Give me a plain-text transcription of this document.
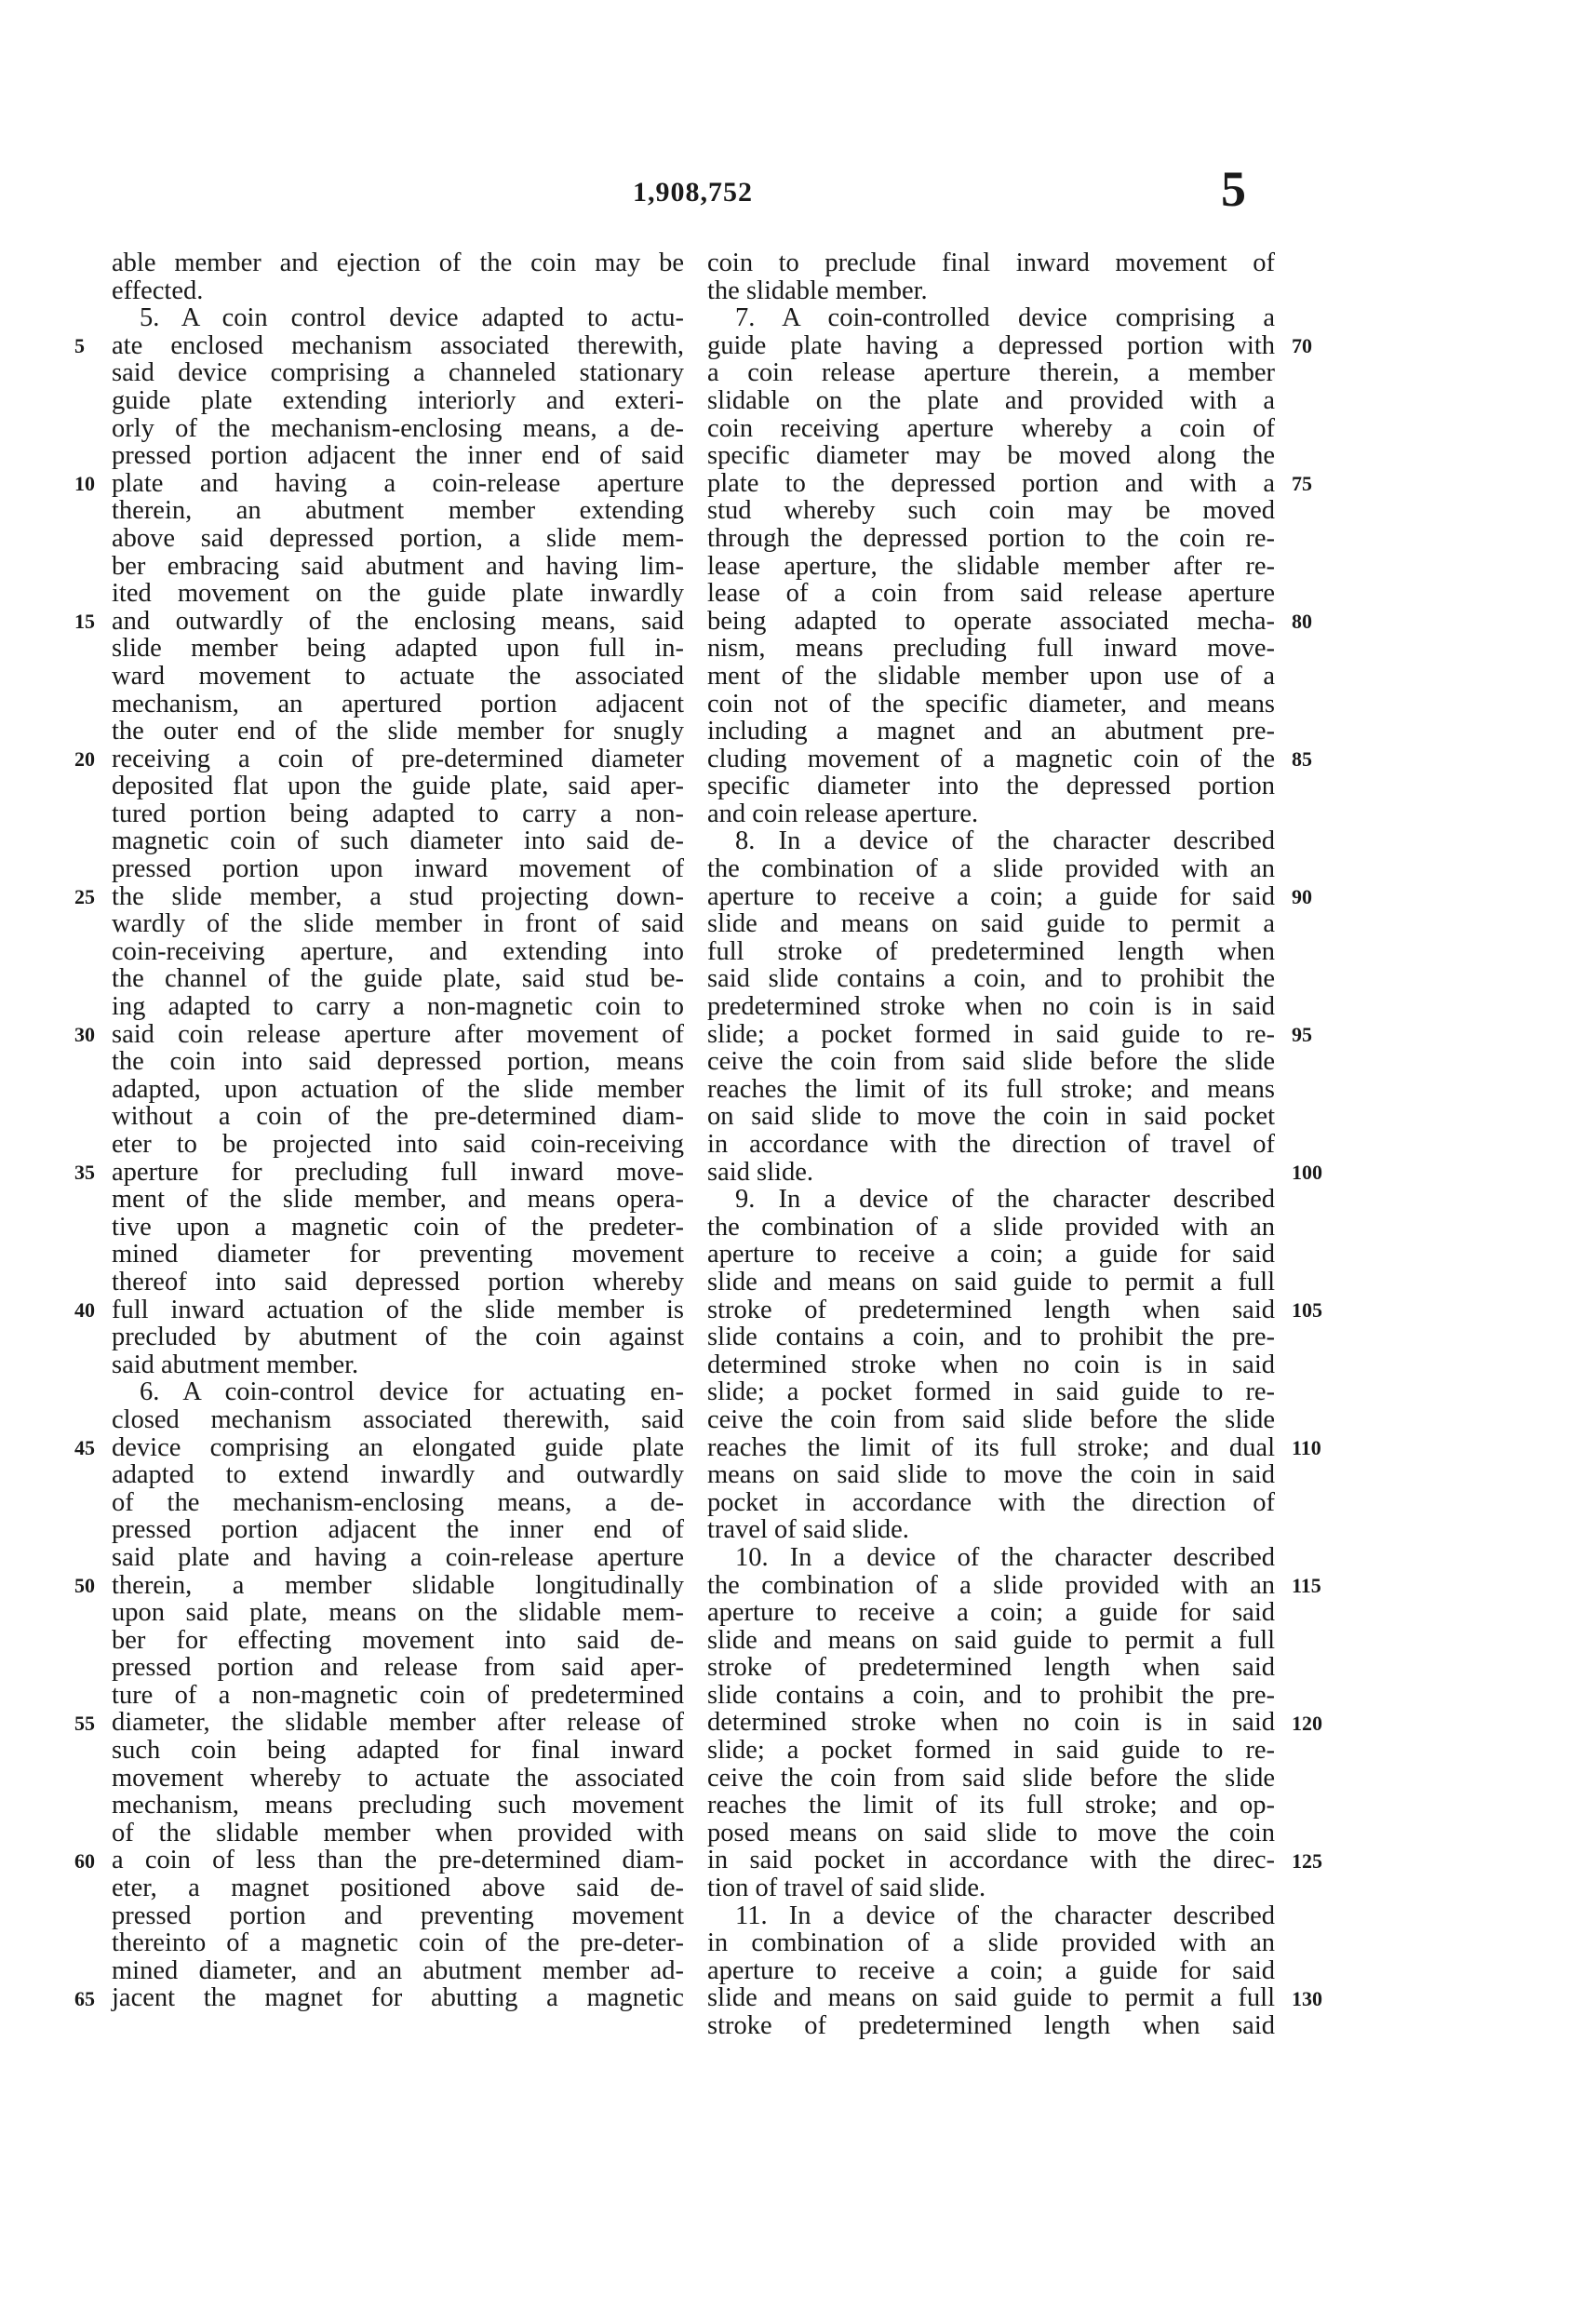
1,908,752	5
able member and ejection of the coin may be
effected.
5. A coin control device adapted to actu-
ate enclosed mechanism associated therewith,
said device comprising a channeled stationary
guide plate extending interiorly and exteri-
orly of the mechanism-enclosing means, a de-
pressed portion adjacent the inner end of said
plate and having a coin-release aperture
therein, an abutment member extending
above said depressed portion, a slide mem-
ber embracing said abutment and having lim-
ited movement on the guide plate inwardly
and outwardly of the enclosing means, said
slide member being adapted upon full in-
ward movement to actuate the associated
mechanism, an apertured portion adjacent
the outer end of the slide member for snugly
receiving a coin of pre-determined diameter
deposited flat upon the guide plate, said aper-
tured portion being adapted to carry a non-
magnetic coin of such diameter into said de-
pressed portion upon inward movement of
the slide member, a stud projecting down-
wardly of the slide member in front of said
coin-receiving aperture, and extending into
the channel of the guide plate, said stud be-
ing adapted to carry a non-magnetic coin to
said coin release aperture after movement of
the coin into said depressed portion, means
adapted, upon actuation of the slide member
without a coin of the pre-determined diam-
eter to be projected into said coin-receiving
aperture for precluding full inward move-
ment of the slide member, and means opera-
tive upon a magnetic coin of the predeter-
mined diameter for preventing movement
thereof into said depressed portion whereby
full inward actuation of the slide member is
precluded by abutment of the coin against
said abutment member.
6. A coin-control device for actuating en-
closed mechanism associated therewith, said
device comprising an elongated guide plate
adapted to extend inwardly and outwardly
of the mechanism-enclosing means, a de-
pressed portion adjacent the inner end of
said plate and having a coin-release aperture
therein, a member slidable longitudinally
upon said plate, means on the slidable mem-
ber for effecting movement into said de-
pressed portion and release from said aper-
ture of a non-magnetic coin of predetermined
diameter, the slidable member after release of
such coin being adapted for final inward
movement whereby to actuate the associated
mechanism, means precluding such movement
of the slidable member when provided with
a coin of less than the pre-determined diam-
eter, a magnet positioned above said de-
pressed portion and preventing movement
thereinto of a magnetic coin of the pre-deter-
mined diameter, and an abutment member ad-
jacent the magnet for abutting a magnetic
coin to preclude final inward movement of
the slidable member.
7. A coin-controlled device comprising a
guide plate having a depressed portion with
a coin release aperture therein, a member
slidable on the plate and provided with a
coin receiving aperture whereby a coin of
specific diameter may be moved along the
plate to the depressed portion and with a
stud whereby such coin may be moved
through the depressed portion to the coin re-
lease aperture, the slidable member after re-
lease of a coin from said release aperture
being adapted to operate associated mecha-
nism, means precluding full inward move-
ment of the slidable member upon use of a
coin not of the specific diameter, and means
including a magnet and an abutment pre-
cluding movement of a magnetic coin of the
specific diameter into the depressed portion
and coin release aperture.
8. In a device of the character described
the combination of a slide provided with an
aperture to receive a coin; a guide for said
slide and means on said guide to permit a
full stroke of predetermined length when
said slide contains a coin, and to prohibit the
predetermined stroke when no coin is in said
slide; a pocket formed in said guide to re-
ceive the coin from said slide before the slide
reaches the limit of its full stroke; and means
on said slide to move the coin in said pocket
in accordance with the direction of travel of
said slide.
9. In a device of the character described
the combination of a slide provided with an
aperture to receive a coin; a guide for said
slide and means on said guide to permit a full
stroke of predetermined length when said
slide contains a coin, and to prohibit the pre-
determined stroke when no coin is in said
slide; a pocket formed in said guide to re-
ceive the coin from said slide before the slide
reaches the limit of its full stroke; and dual
means on said slide to move the coin in said
pocket in accordance with the direction of
travel of said slide.
10. In a device of the character described
the combination of a slide provided with an
aperture to receive a coin; a guide for said
slide and means on said guide to permit a full
stroke of predetermined length when said
slide contains a coin, and to prohibit the pre-
determined stroke when no coin is in said
slide; a pocket formed in said guide to re-
ceive the coin from said slide before the slide
reaches the limit of its full stroke; and op-
posed means on said slide to move the coin
in said pocket in accordance with the direc-
tion of travel of said slide.
11. In a device of the character described
in combination of a slide provided with an
aperture to receive a coin; a guide for said
slide and means on said guide to permit a full
stroke of predetermined length when said
5
10
15
20
25
30
35
40
45
50
55
60
65
70
75
80
85
90
95
100
105
110
115
120
125
130
